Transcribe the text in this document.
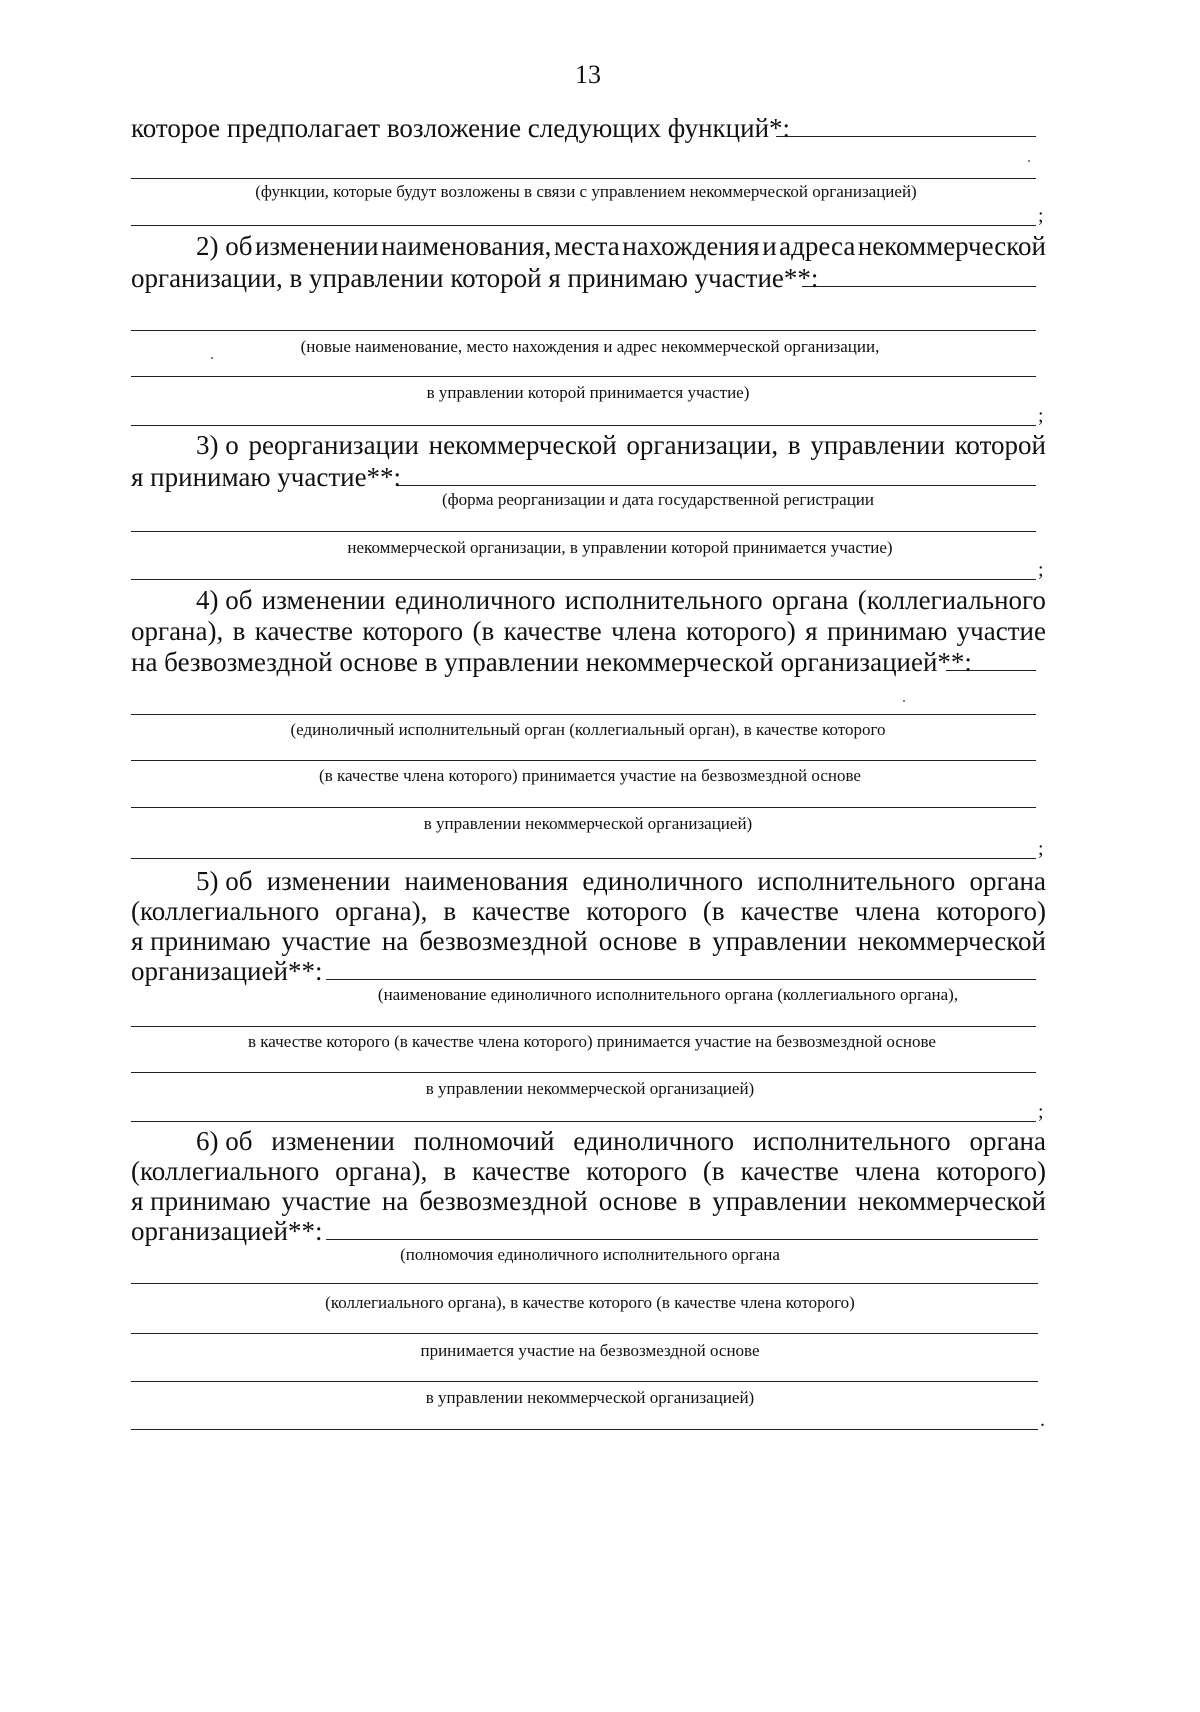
13
которое предполагает возложение следующих функций*:
(функции, которые будут возложены в связи с управлением некоммерческой организацией)
;
2) об изменении наименования, места нахождения и адреса некоммерческой
организации, в управлении которой я принимаю участие**:
(новые наименование, место нахождения и адрес некоммерческой организации,
в управлении которой принимается участие)
;
3) о реорганизации некоммерческой организации, в управлении которой
я принимаю участие**:
(форма реорганизации и дата государственной регистрации
некоммерческой организации, в управлении которой принимается участие)
;
4) об изменении единоличного исполнительного органа (коллегиального
органа), в качестве которого (в качестве члена которого) я принимаю участие
на безвозмездной основе в управлении некоммерческой организацией**:
(единоличный исполнительный орган (коллегиальный орган), в качестве которого
(в качестве члена которого) принимается участие на безвозмездной основе
в управлении некоммерческой организацией)
;
5) об изменении наименования единоличного исполнительного органа
(коллегиального органа), в качестве которого (в качестве члена которого)
я принимаю участие на безвозмездной основе в управлении некоммерческой
организацией**:
(наименование единоличного исполнительного органа (коллегиального органа),
в качестве которого (в качестве члена которого) принимается участие на безвозмездной основе
в управлении некоммерческой организацией)
;
6) об изменении полномочий единоличного исполнительного органа
(коллегиального органа), в качестве которого (в качестве члена которого)
я принимаю участие на безвозмездной основе в управлении некоммерческой
организацией**:
(полномочия единоличного исполнительного органа
(коллегиального органа), в качестве которого (в качестве члена которого)
принимается участие на безвозмездной основе
в управлении некоммерческой организацией)
.
